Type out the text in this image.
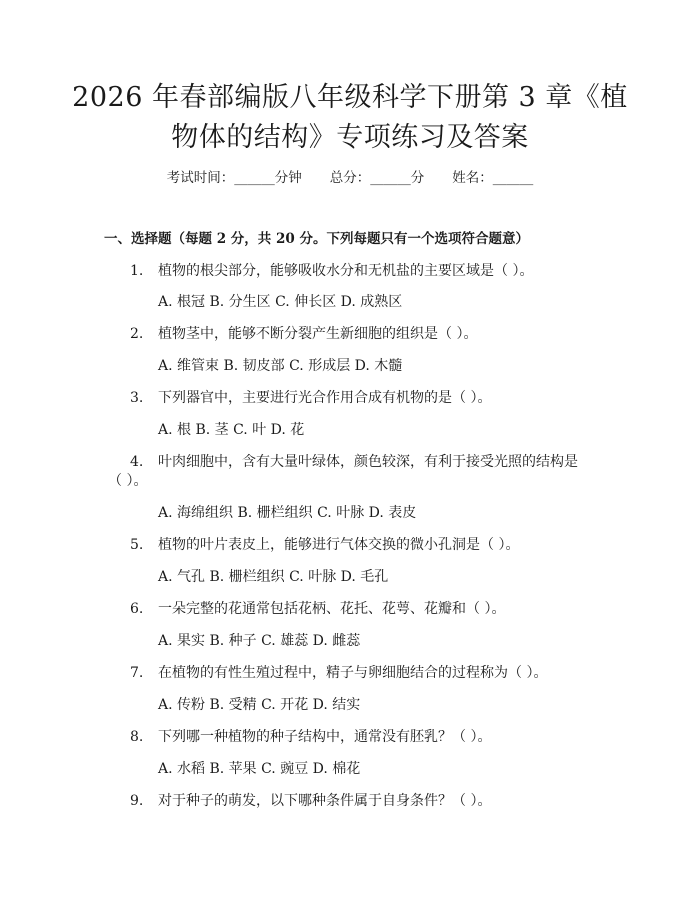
2026 年春部编版八年级科学下册第 3 章《植
物体的结构》专项练习及答案
考试时间：______分钟 总分：______分 姓名：______
一、选择题（每题 2 分，共 20 分。下列每题只有一个选项符合题意）
1. 植物的根尖部分，能够吸收水分和无机盐的主要区域是（ ）。
A. 根冠 B. 分生区 C. 伸长区 D. 成熟区
2. 植物茎中，能够不断分裂产生新细胞的组织是（ ）。
A. 维管束 B. 韧皮部 C. 形成层 D. 木髓
3. 下列器官中，主要进行光合作用合成有机物的是（ ）。
A. 根 B. 茎 C. 叶 D. 花
4. 叶肉细胞中，含有大量叶绿体，颜色较深，有利于接受光照的结构是
（ ）。
A. 海绵组织 B. 栅栏组织 C. 叶脉 D. 表皮
5. 植物的叶片表皮上，能够进行气体交换的微小孔洞是（ ）。
A. 气孔 B. 栅栏组织 C. 叶脉 D. 毛孔
6. 一朵完整的花通常包括花柄、花托、花萼、花瓣和（ ）。
A. 果实 B. 种子 C. 雄蕊 D. 雌蕊
7. 在植物的有性生殖过程中，精子与卵细胞结合的过程称为（ ）。
A. 传粉 B. 受精 C. 开花 D. 结实
8. 下列哪一种植物的种子结构中，通常没有胚乳？（ ）。
A. 水稻 B. 苹果 C. 豌豆 D. 棉花
9. 对于种子的萌发，以下哪种条件属于自身条件？（ ）。
